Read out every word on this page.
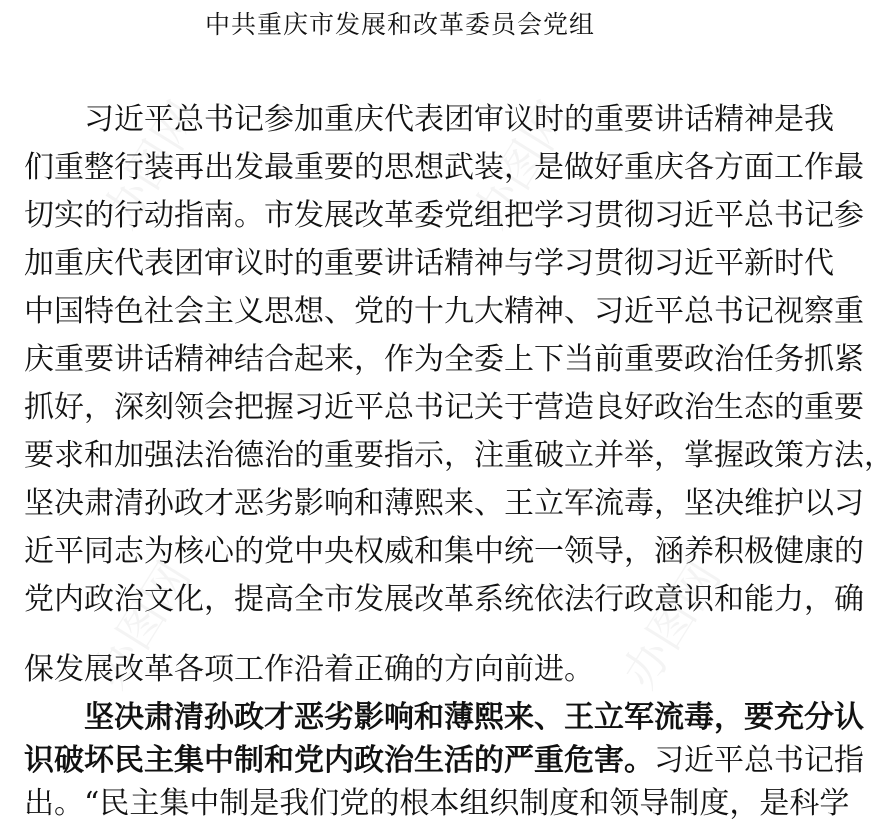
办图网	办图网
办图网	办图网
中共重庆市发展和改革委员会党组
习近平总书记参加重庆代表团审议时的重要讲话精神是我
们重整行装再出发最重要的思想武装，是做好重庆各方面工作最
切实的行动指南。市发展改革委党组把学习贯彻习近平总书记参
加重庆代表团审议时的重要讲话精神与学习贯彻习近平新时代
中国特色社会主义思想、党的十九大精神、习近平总书记视察重
庆重要讲话精神结合起来，作为全委上下当前重要政治任务抓紧
抓好，深刻领会把握习近平总书记关于营造良好政治生态的重要
要求和加强法治德治的重要指示，注重破立并举，掌握政策方法，
坚决肃清孙政才恶劣影响和薄熙来、王立军流毒，坚决维护以习
近平同志为核心的党中央权威和集中统一领导，涵养积极健康的
党内政治文化，提高全市发展改革系统依法行政意识和能力，确
保发展改革各项工作沿着正确的方向前进。
坚决肃清孙政才恶劣影响和薄熙来、王立军流毒，要充分认
识破坏民主集中制和党内政治生活的严重危害。习近平总书记指
出。“民主集中制是我们党的根本组织制度和领导制度，是科学
